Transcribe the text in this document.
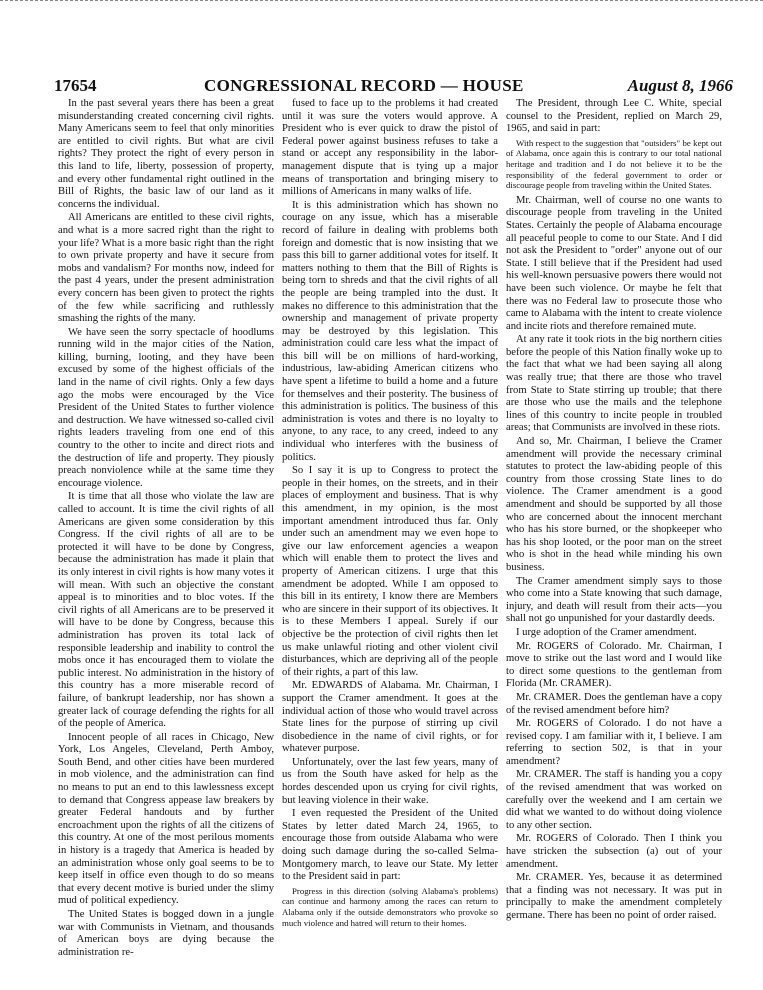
17654	CONGRESSIONAL RECORD — HOUSE	August 8, 1966

In the past several years there has been a great misunderstanding created concerning civil rights. Many Americans seem to feel that only minorities are entitled to civil rights. But what are civil rights? They protect the right of every person in this land to life, liberty, possession of property, and every other fundamental right outlined in the Bill of Rights, the basic law of our land as it concerns the individual.

All Americans are entitled to these civil rights, and what is a more sacred right than the right to your life? What is a more basic right than the right to own private property and have it secure from mobs and vandalism? For months now, indeed for the past 4 years, under the present administration every concern has been given to protect the rights of the few while sacrificing and ruthlessly smashing the rights of the many.

We have seen the sorry spectacle of hoodlums running wild in the major cities of the Nation, killing, burning, looting, and they have been excused by some of the highest officials of the land in the name of civil rights. Only a few days ago the mobs were encouraged by the Vice President of the United States to further violence and destruction. We have witnessed so-called civil rights leaders traveling from one end of this country to the other to incite and direct riots and the destruction of life and property. They piously preach nonviolence while at the same time they encourage violence.

It is time that all those who violate the law are called to account. It is time the civil rights of all Americans are given some consideration by this Congress. If the civil rights of all are to be protected it will have to be done by Congress, because the administration has made it plain that its only interest in civil rights is how many votes it will mean. With such an objective the constant appeal is to minorities and to bloc votes. If the civil rights of all Americans are to be preserved it will have to be done by Congress, because this administration has proven its total lack of responsible leadership and inability to control the mobs once it has encouraged them to violate the public interest. No administration in the history of this country has a more miserable record of failure, of bankrupt leadership, nor has shown a greater lack of courage defending the rights for all of the people of America.

Innocent people of all races in Chicago, New York, Los Angeles, Cleveland, Perth Amboy, South Bend, and other cities have been murdered in mob violence, and the administration can find no means to put an end to this lawlessness except to demand that Congress appease law breakers by greater Federal handouts and by further encroachment upon the rights of all the citizens of this country. At one of the most perilous moments in history is a tragedy that America is headed by an administration whose only goal seems to be to keep itself in office even though to do so means that every decent motive is buried under the slimy mud of political expediency.

The United States is bogged down in a jungle war with Communists in Vietnam, and thousands of American boys are dying because the administration re-

fused to face up to the problems it had created until it was sure the voters would approve. A President who is ever quick to draw the pistol of Federal power against business refuses to take a stand or accept any responsibility in the labor-management dispute that is tying up a major means of transportation and bringing misery to millions of Americans in many walks of life.

It is this administration which has shown no courage on any issue, which has a miserable record of failure in dealing with problems both foreign and domestic that is now insisting that we pass this bill to garner additional votes for itself. It matters nothing to them that the Bill of Rights is being torn to shreds and that the civil rights of all the people are being trampled into the dust. It makes no difference to this administration that the ownership and management of private property may be destroyed by this legislation. This administration could care less what the impact of this bill will be on millions of hard-working, industrious, law-abiding American citizens who have spent a lifetime to build a home and a future for themselves and their posterity. The business of this administration is politics. The business of this administration is votes and there is no loyalty to anyone, to any race, to any creed, indeed to any individual who interferes with the business of politics.

So I say it is up to Congress to protect the people in their homes, on the streets, and in their places of employment and business. That is why this amendment, in my opinion, is the most important amendment introduced thus far. Only under such an amendment may we even hope to give our law enforcement agencies a weapon which will enable them to protect the lives and property of American citizens. I urge that this amendment be adopted. While I am opposed to this bill in its entirety, I know there are Members who are sincere in their support of its objectives. It is to these Members I appeal. Surely if our objective be the protection of civil rights then let us make unlawful rioting and other violent civil disturbances, which are depriving all of the people of their rights, a part of this law.

Mr. EDWARDS of Alabama. Mr. Chairman, I support the Cramer amendment. It goes at the individual action of those who would travel across State lines for the purpose of stirring up civil disobedience in the name of civil rights, or for whatever purpose.

Unfortunately, over the last few years, many of us from the South have asked for help as the hordes descended upon us crying for civil rights, but leaving violence in their wake.

I even requested the President of the United States by letter dated March 24, 1965, to encourage those from outside Alabama who were doing such damage during the so-called Selma-Montgomery march, to leave our State. My letter to the President said in part:

Progress in this direction (solving Alabama's problems) can continue and harmony among the races can return to Alabama only if the outside demonstrators who provoke so much violence and hatred will return to their homes.

The President, through Lee C. White, special counsel to the President, replied on March 29, 1965, and said in part:

With respect to the suggestion that "outsiders" be kept out of Alabama, once again this is contrary to our total national heritage and tradition and I do not believe it to be the responsibility of the federal government to order or discourage people from traveling within the United States.

Mr. Chairman, well of course no one wants to discourage people from traveling in the United States. Certainly the people of Alabama encourage all peaceful people to come to our State. And I did not ask the President to "order" anyone out of our State. I still believe that if the President had used his well-known persuasive powers there would not have been such violence. Or maybe he felt that there was no Federal law to prosecute those who came to Alabama with the intent to create violence and incite riots and therefore remained mute.

At any rate it took riots in the big northern cities before the people of this Nation finally woke up to the fact that what we had been saying all along was really true; that there are those who travel from State to State stirring up trouble; that there are those who use the mails and the telephone lines of this country to incite people in troubled areas; that Communists are involved in these riots.

And so, Mr. Chairman, I believe the Cramer amendment will provide the necessary criminal statutes to protect the law-abiding people of this country from those crossing State lines to do violence. The Cramer amendment is a good amendment and should be supported by all those who are concerned about the innocent merchant who has his store burned, or the shopkeeper who has his shop looted, or the poor man on the street who is shot in the head while minding his own business.

The Cramer amendment simply says to those who come into a State knowing that such damage, injury, and death will result from their acts—you shall not go unpunished for your dastardly deeds.

I urge adoption of the Cramer amendment.

Mr. ROGERS of Colorado. Mr. Chairman, I move to strike out the last word and I would like to direct some questions to the gentleman from Florida (Mr. CRAMER).

Mr. CRAMER. Does the gentleman have a copy of the revised amendment before him?

Mr. ROGERS of Colorado. I do not have a revised copy. I am familiar with it, I believe. I am referring to section 502, is that in your amendment?

Mr. CRAMER. The staff is handing you a copy of the revised amendment that was worked on carefully over the weekend and I am certain we did what we wanted to do without doing violence to any other section.

Mr. ROGERS of Colorado. Then I think you have stricken the subsection (a) out of your amendment.

Mr. CRAMER. Yes, because it as determined that a finding was not necessary. It was put in principally to make the amendment completely germane. There has been no point of order raised.
